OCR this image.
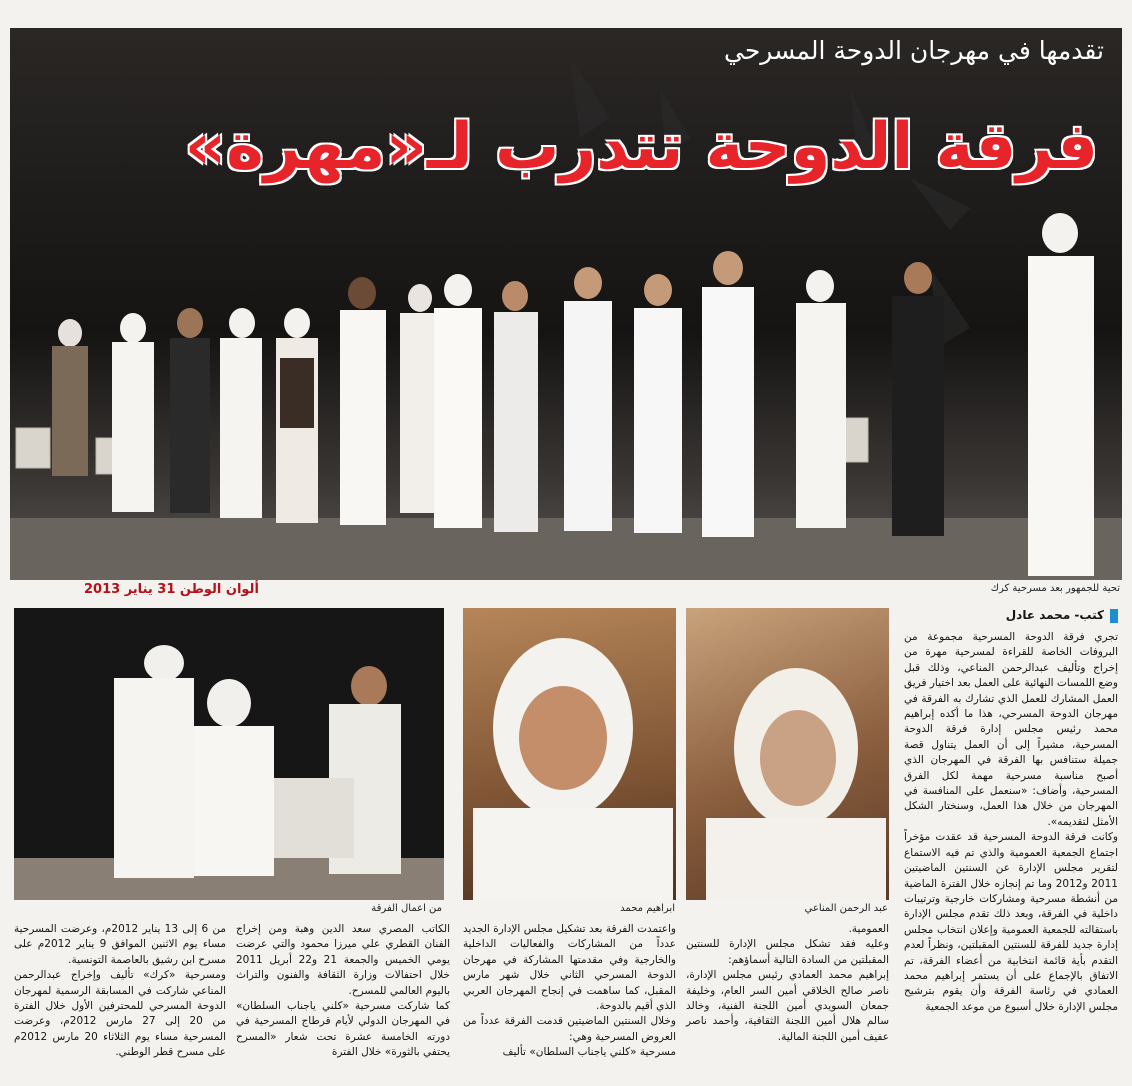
تقدمها في مهرجان الدوحة المسرحي
فرقة الدوحة تتدرب لـ«مهرة»
تحية للجمهور بعد مسرحية كرك
ألوان الوطن 31 يناير 2013
عبد الرحمن المناعي
ابراهيم محمد
من اعمال الفرقة
كتب- محمد عادل

تجري فرقة الدوحة المسرحية مجموعة من البروفات الخاصة للقراءة لمسرحية مهرة من إخراج وتأليف عبدالرحمن المناعي، وذلك قبل وضع اللمسات النهائية على العمل بعد اختيار فريق العمل المشارك للعمل الذي تشارك به الفرقة في مهرجان الدوحة المسرحي، هذا ما أكده إبراهيم محمد رئيس مجلس إدارة فرقة الدوحة المسرحية، مشيراً إلى أن العمل يتناول قصة جميلة ستنافس بها الفرقة في المهرجان الذي أصبح مناسبة مسرحية مهمة لكل الفرق المسرحية، وأضاف: «سنعمل على المنافسة في المهرجان من خلال هذا العمل، وسنختار الشكل الأمثل لتقديمه».

وكانت فرقة الدوحة المسرحية قد عقدت مؤخراً اجتماع الجمعية العمومية والذي تم فيه الاستماع لتقرير مجلس الإدارة عن السنتين الماضيتين 2011 و2012 وما تم إنجازه خلال الفترة الماضية من أنشطة مسرحية ومشاركات خارجية وترتيبات داخلية في الفرقة، وبعد ذلك تقدم مجلس الإدارة باستقالته للجمعية العمومية وإعلان انتخاب مجلس إدارة جديد للفرقة للسنتين المقبلتين، ونظراً لعدم التقدم بأية قائمة انتخابية من أعضاء الفرقة، تم الاتفاق بالإجماع على أن يستمر إبراهيم محمد العمادي في رئاسة الفرقة وأن يقوم بترشيح مجلس الإدارة خلال أسبوع من موعد الجمعية

العمومية.

وعليه فقد تشكل مجلس الإدارة للسنتين المقبلتين من السادة التالية أسماؤهم:

إبراهيم محمد العمادي رئيس مجلس الإدارة، ناصر صالح الخلاقي أمين السر العام، وخليفة جمعان السويدي أمين اللجنة الفنية، وخالد سالم هلال أمين اللجنة الثقافية، وأحمد ناصر عفيف أمين اللجنة المالية.

واعتمدت الفرقة بعد تشكيل مجلس الإدارة الجديد عدداً من المشاركات والفعاليات الداخلية والخارجية وفي مقدمتها المشاركة في مهرجان الدوحة المسرحي الثاني خلال شهر مارس المقبل، كما ساهمت في إنجاح المهرجان العربي الذي أقيم بالدوحة.

وخلال السنتين الماضيتين قدمت الفرقة عدداً من العروض المسرحية وهي:

مسرحية «كلني ياجناب السلطان» تأليف

الكاتب المصري سعد الدين وهبة ومن إخراج الفنان القطري علي ميرزا محمود والتي عرضت يومي الخميس والجمعة 21 و22 أبريل 2011 خلال احتفالات وزارة الثقافة والفنون والتراث باليوم العالمي للمسرح.

كما شاركت مسرحية «كلني ياجناب السلطان» في المهرجان الدولي لأيام قرطاج المسرحية في دورته الخامسة عشرة تحت شعار «المسرح يحتفي بالثورة» خلال الفترة

من 6 إلى 13 يناير 2012م، وعرضت المسرحية مساء يوم الاثنين الموافق 9 يناير 2012م على مسرح ابن رشيق بالعاصمة التونسية.

ومسرحية «كرك» تأليف وإخراج عبدالرحمن المناعي شاركت في المسابقة الرسمية لمهرجان الدوحة المسرحي للمحترفين الأول خلال الفترة من 20 إلى 27 مارس 2012م، وعرضت المسرحية مساء يوم الثلاثاء 20 مارس 2012م على مسرح قطر الوطني.
